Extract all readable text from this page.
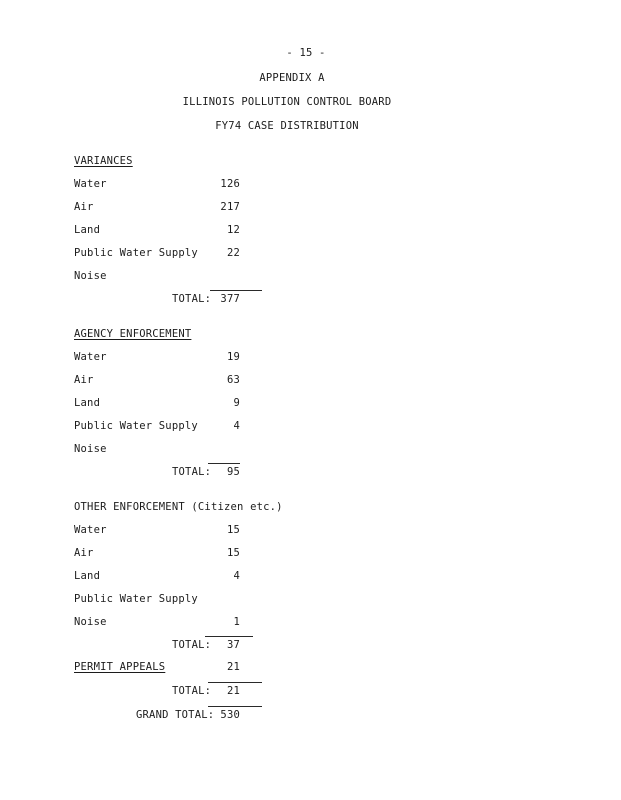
- 15 -
APPENDIX A
ILLINOIS POLLUTION CONTROL BOARD
FY74 CASE DISTRIBUTION
VARIANCES
Water	126
Air	217
Land	12
Public Water Supply	22
Noise
TOTAL: 377
AGENCY ENFORCEMENT
Water	19
Air	63
Land	9
Public Water Supply	4
Noise
TOTAL:	95
OTHER ENFORCEMENT (Citizen etc.)
Water	15
Air	15
Land	4
Public Water Supply
Noise	1
TOTAL:	37
PERMIT APPEALS	21
TOTAL:	21
GRAND TOTAL: 530
